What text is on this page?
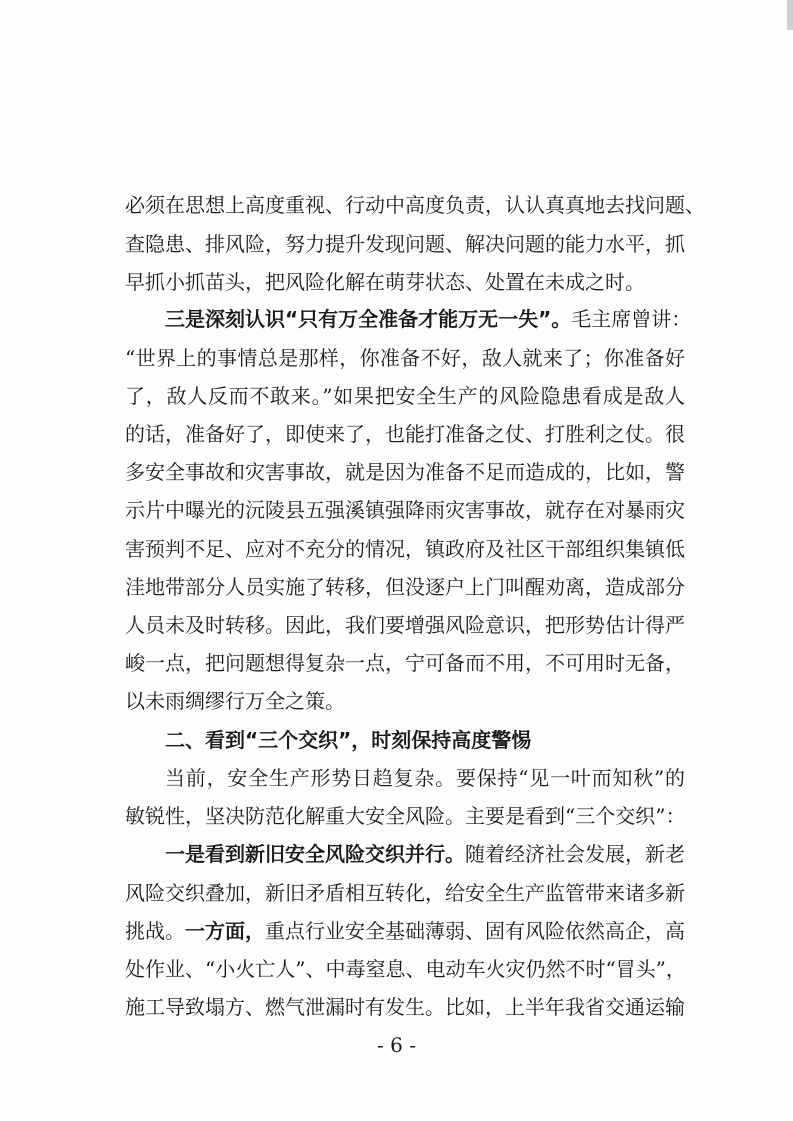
必须在思想上高度重视、行动中高度负责，认认真真地去找问题、
查隐患、排风险，努力提升发现问题、解决问题的能力水平，抓
早抓小抓苗头，把风险化解在萌芽状态、处置在未成之时。
三是深刻认识“只有万全准备才能万无一失”。毛主席曾讲：
“世界上的事情总是那样，你准备不好，敌人就来了；你准备好
了，敌人反而不敢来。”如果把安全生产的风险隐患看成是敌人
的话，准备好了，即使来了，也能打准备之仗、打胜利之仗。很
多安全事故和灾害事故，就是因为准备不足而造成的，比如，警
示片中曝光的沅陵县五强溪镇强降雨灾害事故，就存在对暴雨灾
害预判不足、应对不充分的情况，镇政府及社区干部组织集镇低
洼地带部分人员实施了转移，但没逐户上门叫醒劝离，造成部分
人员未及时转移。因此，我们要增强风险意识，把形势估计得严
峻一点，把问题想得复杂一点，宁可备而不用，不可用时无备，
以未雨绸缪行万全之策。
二、看到“三个交织”，时刻保持高度警惕
当前，安全生产形势日趋复杂。要保持“见一叶而知秋”的
敏锐性，坚决防范化解重大安全风险。主要是看到“三个交织”：
一是看到新旧安全风险交织并行。随着经济社会发展，新老
风险交织叠加，新旧矛盾相互转化，给安全生产监管带来诸多新
挑战。一方面，重点行业安全基础薄弱、固有风险依然高企，高
处作业、“小火亡人”、中毒窒息、电动车火灾仍然不时“冒头”，
施工导致塌方、燃气泄漏时有发生。比如，上半年我省交通运输
- 6 -
